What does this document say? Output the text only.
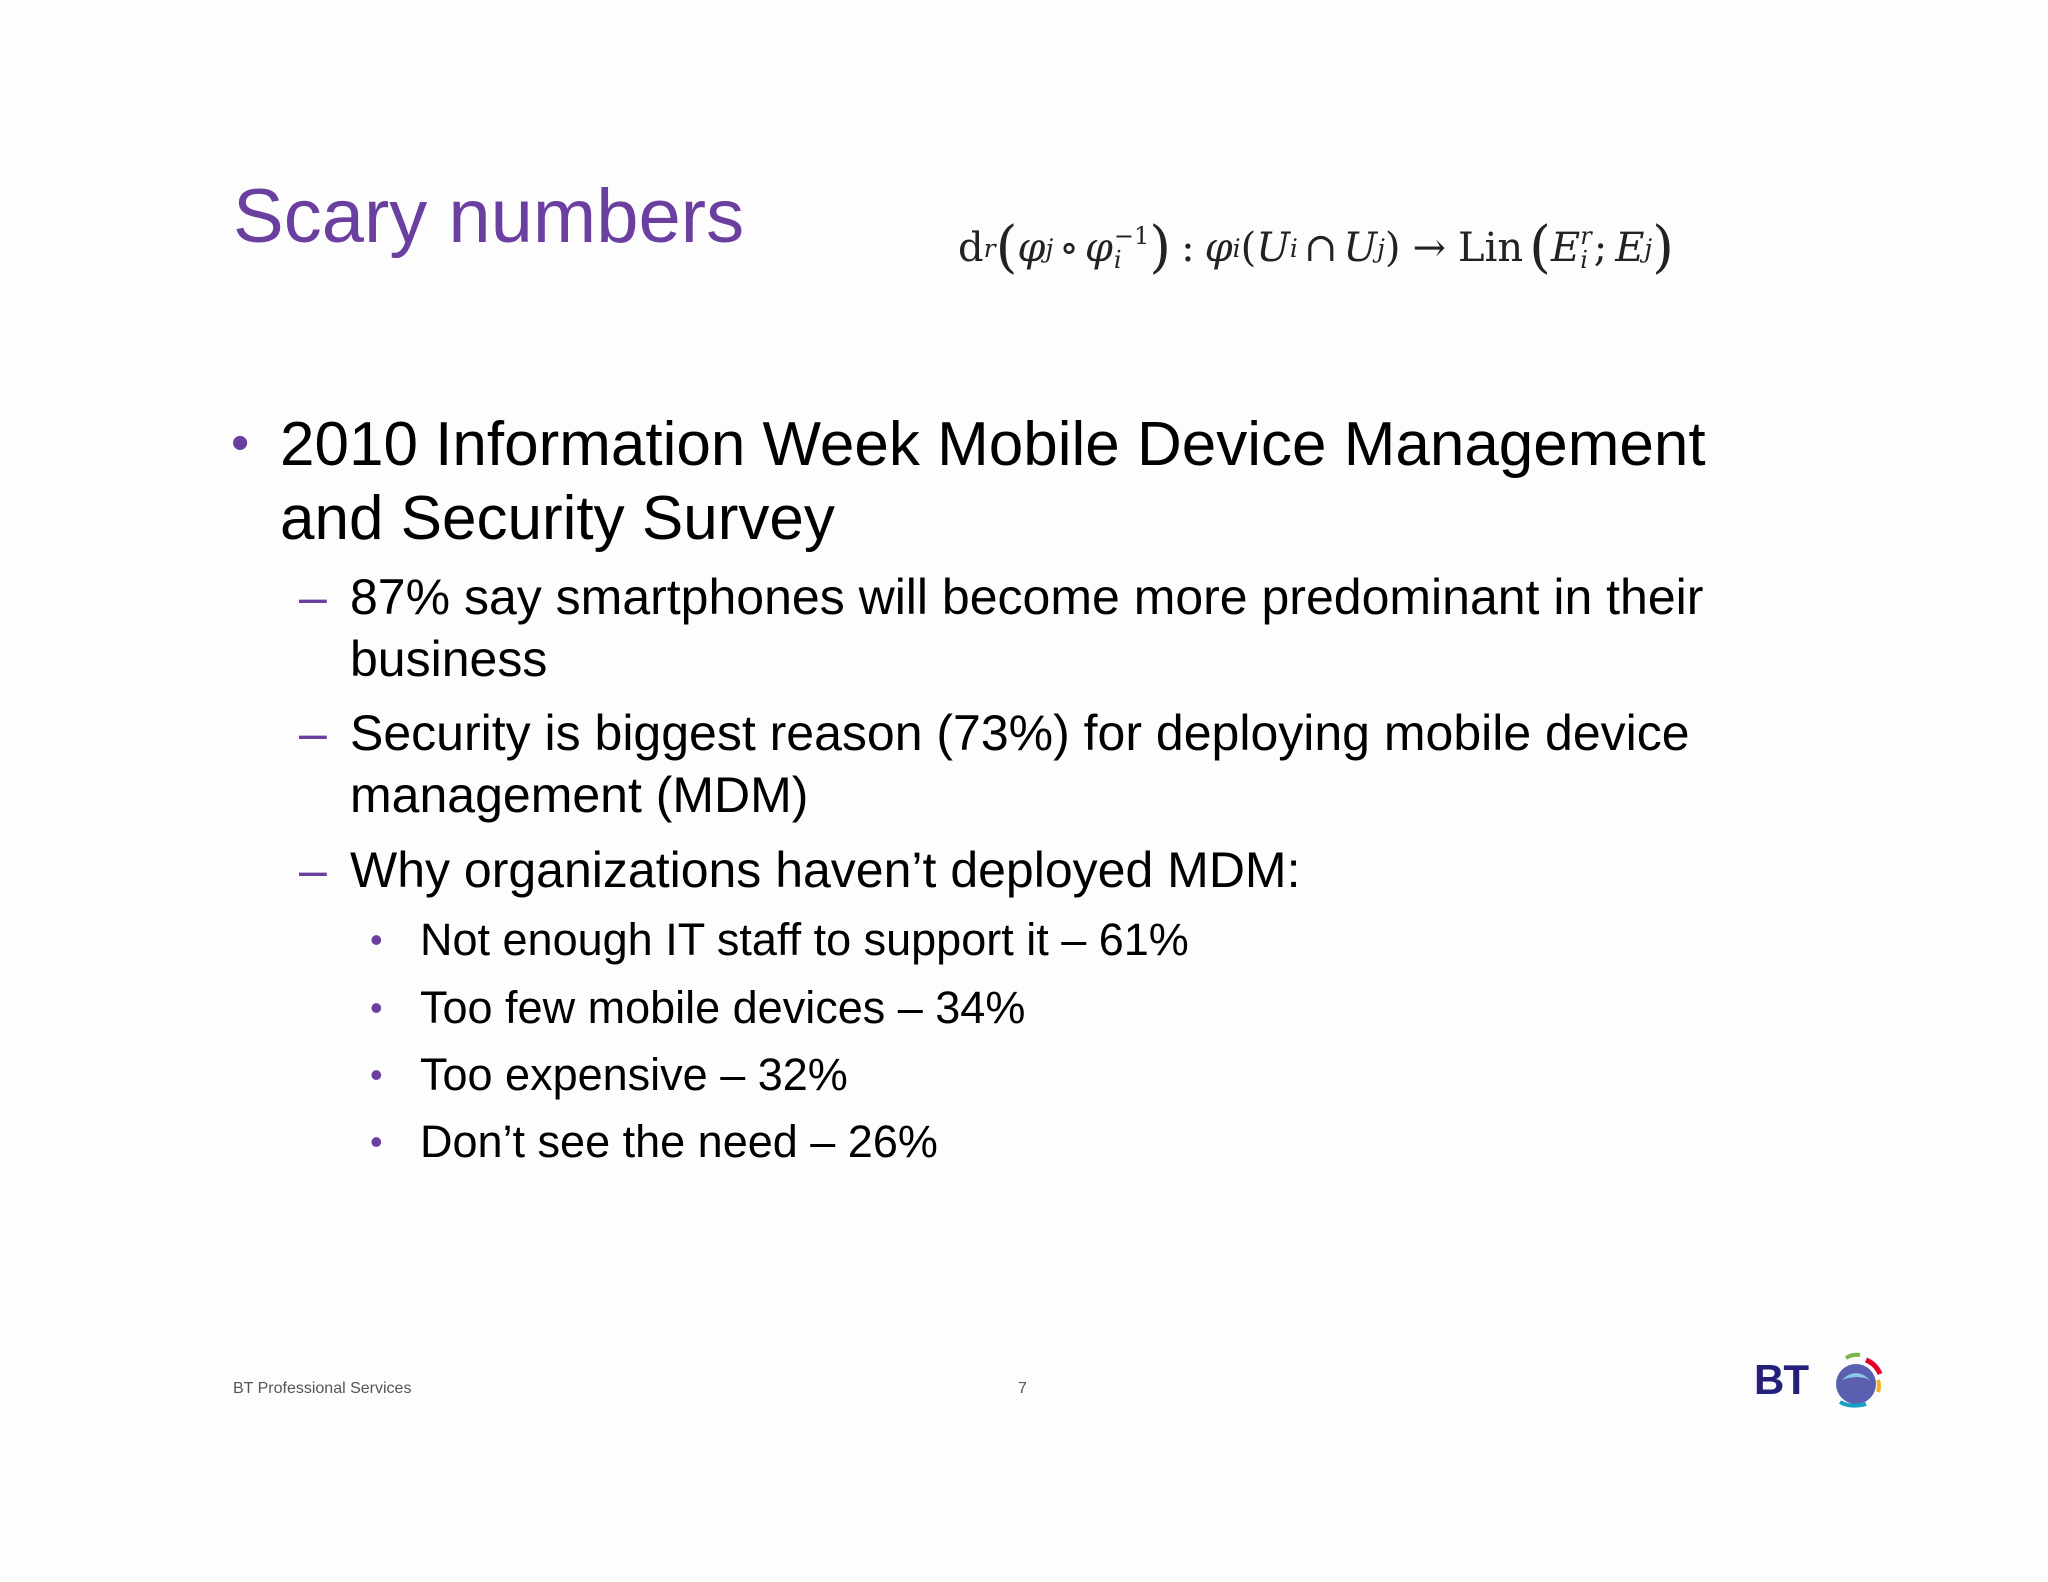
Scary numbers	d r ( φ j ∘ φ −1
i ) : φ i ( U i ∩ U j ) → Lin ( E r
i ; E j )
• 2010 Information Week Mobile Device Management and Security Survey
– 87% say smartphones will become more predominant in their business
– Security is biggest reason (73%) for deploying mobile device management (MDM)
– Why organizations haven’t deployed MDM:
• Not enough IT staff to support it – 61%
• Too few mobile devices – 34%
• Too expensive – 32%
• Don’t see the need – 26%
BT Professional Services	7	BT
